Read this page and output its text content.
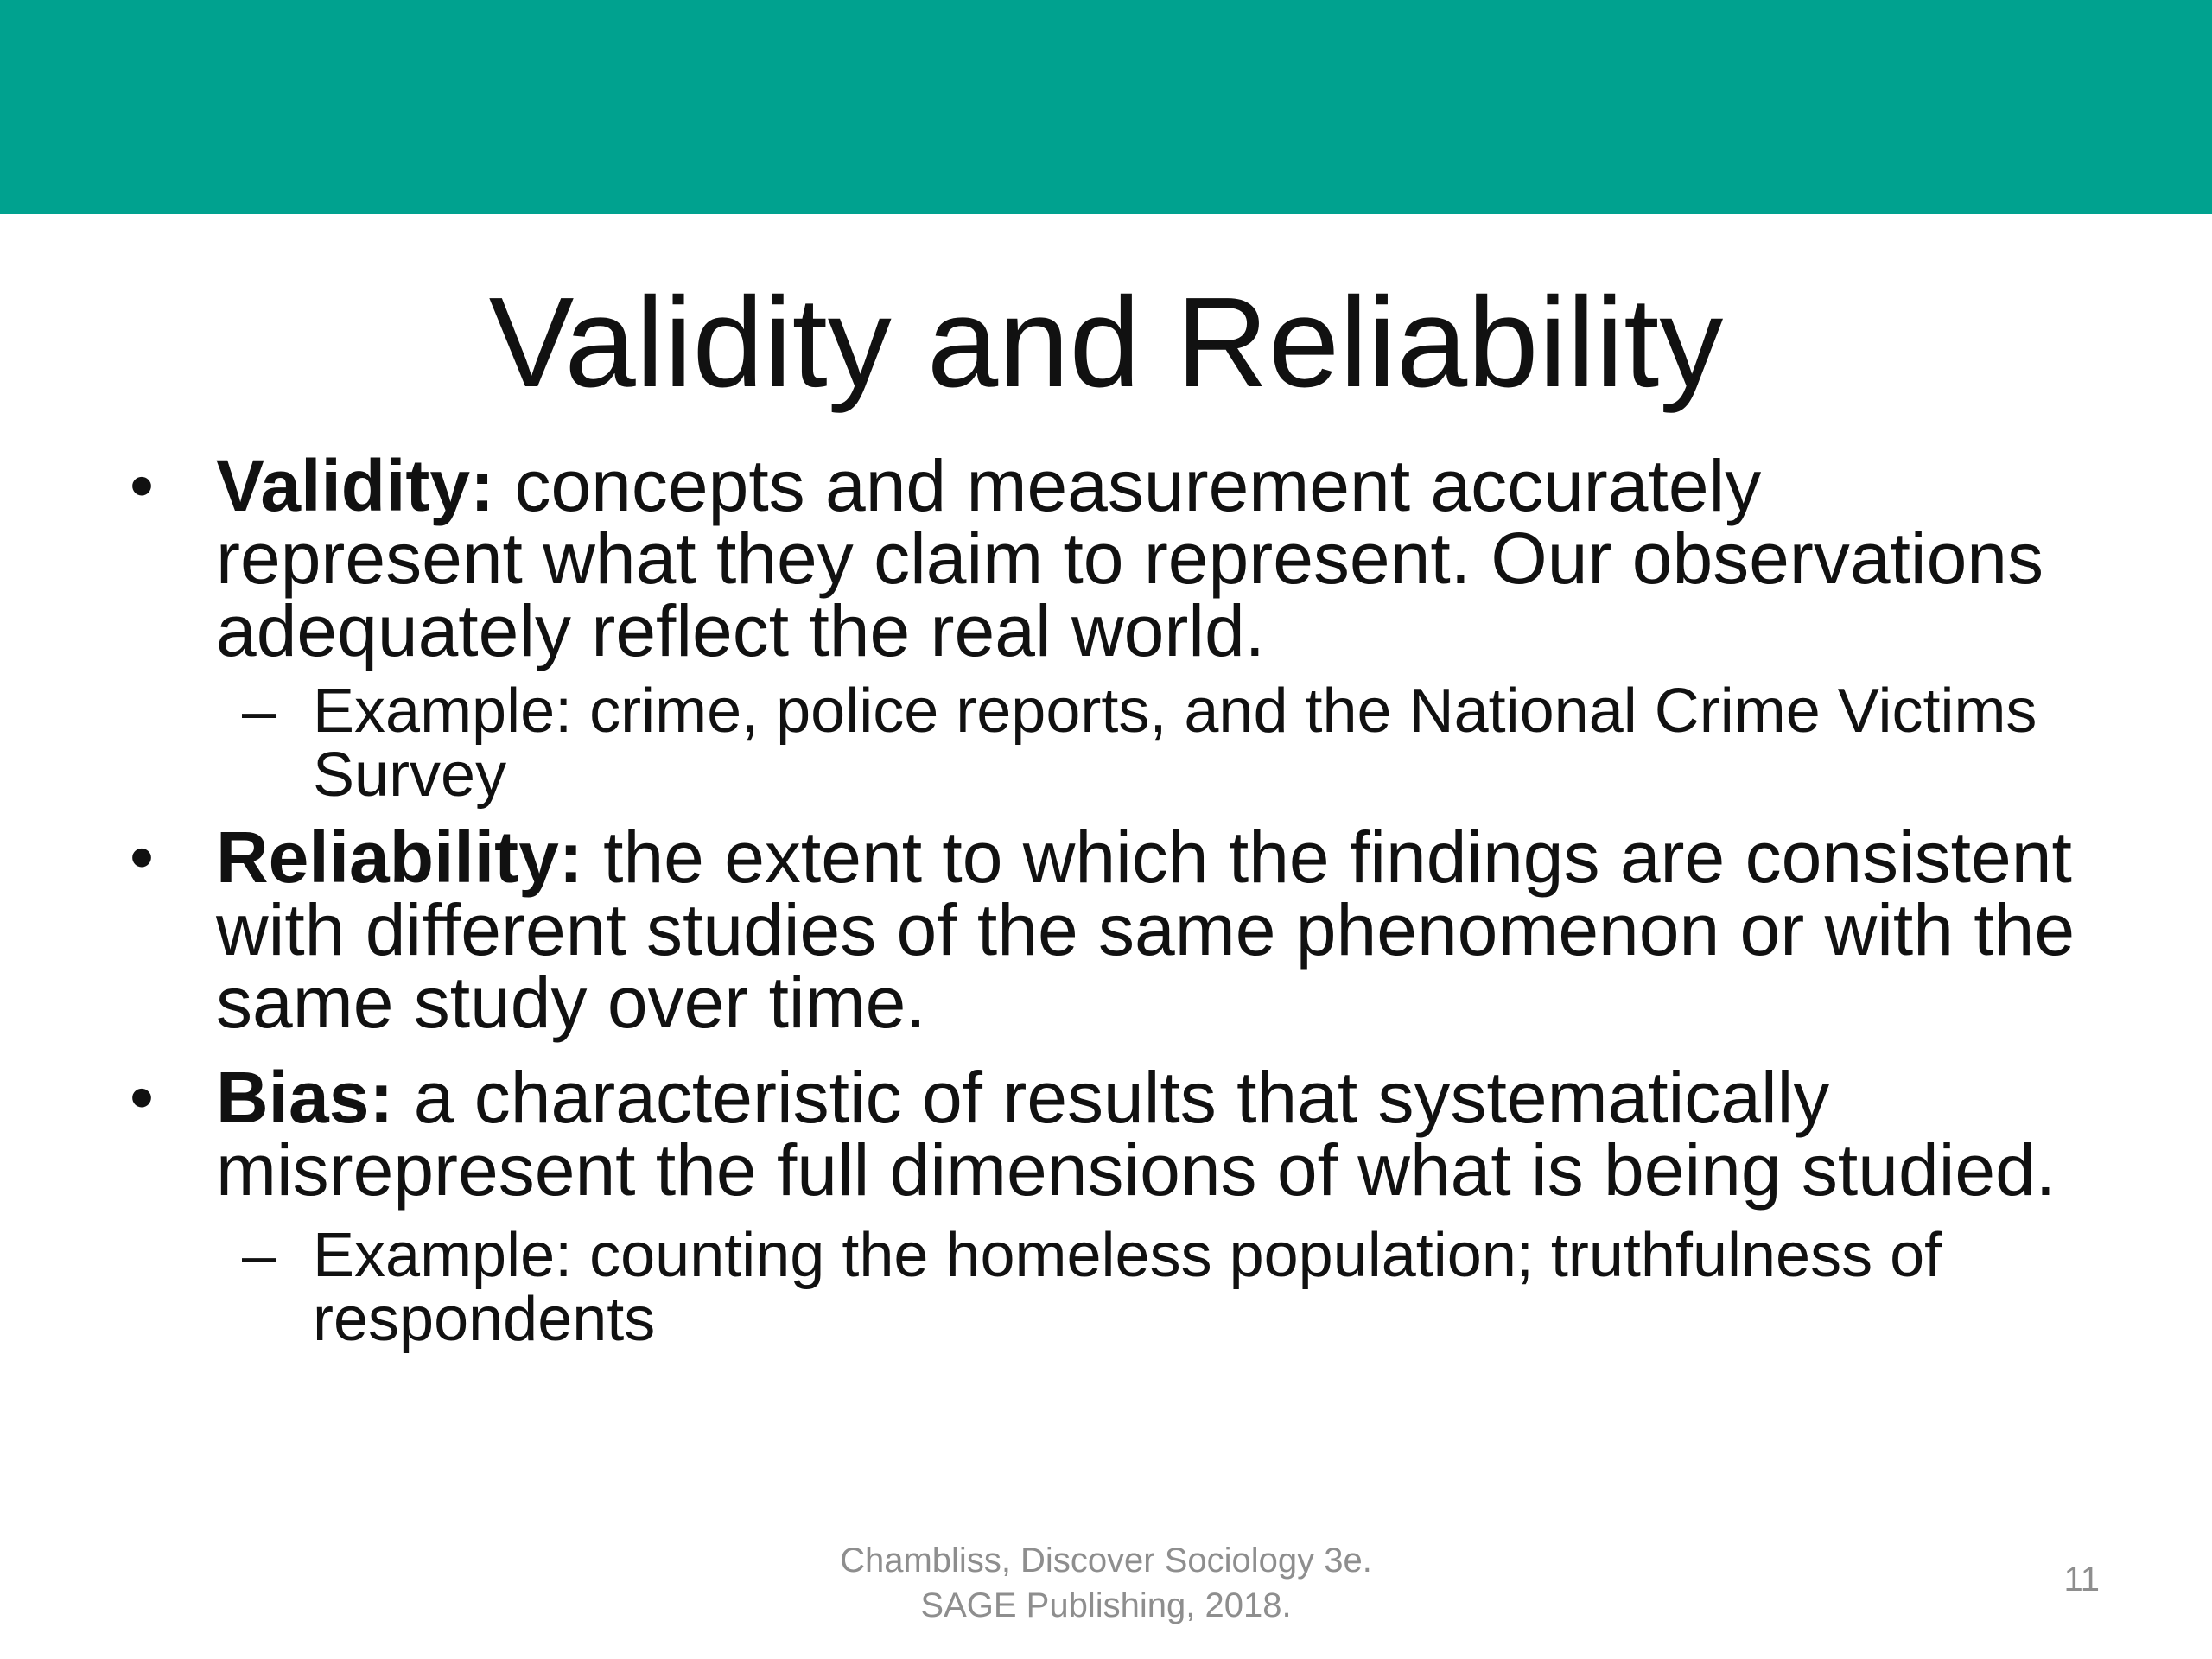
Validity and Reliability

• Validity: concepts and measurement accurately represent what they claim to represent. Our observations adequately reflect the real world.

– Example: crime, police reports, and the National Crime Victims Survey

• Reliability: the extent to which the findings are consistent with different studies of the same phenomenon or with the same study over time.

• Bias: a characteristic of results that systematically misrepresent the full dimensions of what is being studied.

– Example: counting the homeless population; truthfulness of respondents

Chambliss, Discover Sociology 3e.
SAGE Publishing, 2018.
11
